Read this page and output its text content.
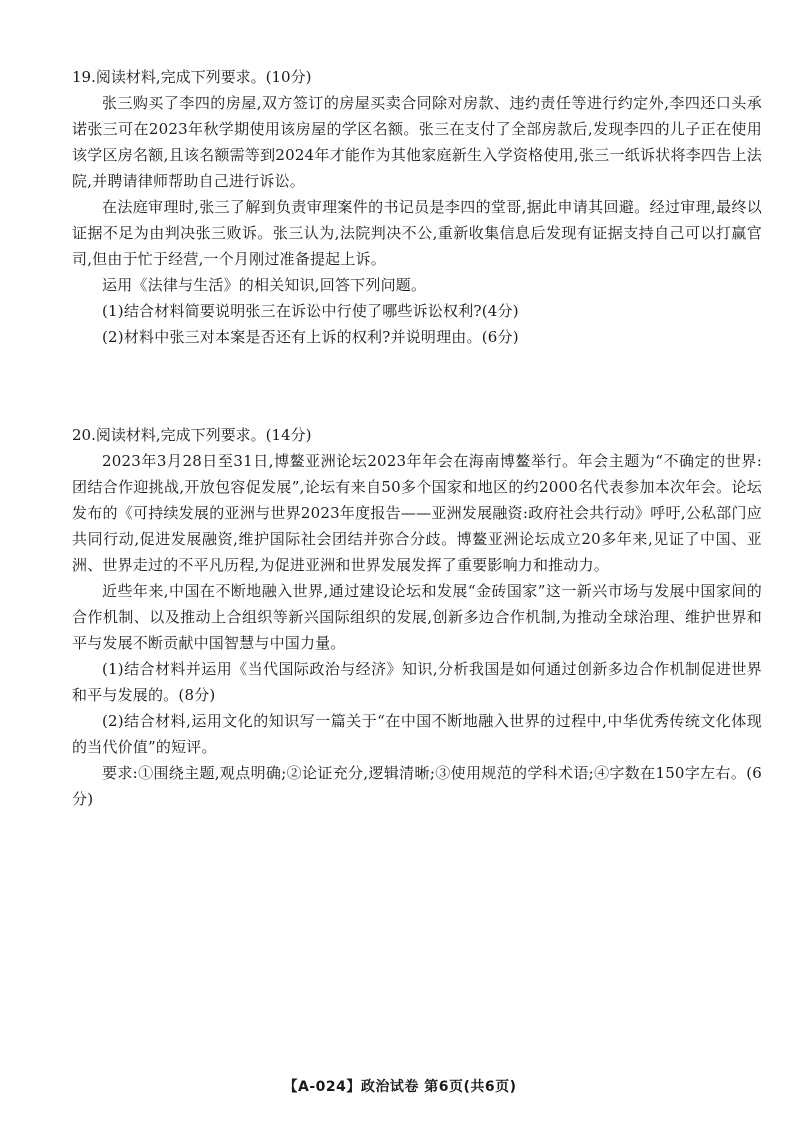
19.阅读材料,完成下列要求。(10分)

张三购买了李四的房屋,双方签订的房屋买卖合同除对房款、违约责任等进行约定外,李四还口头承诺张三可在2023年秋学期使用该房屋的学区名额。张三在支付了全部房款后,发现李四的儿子正在使用该学区房名额,且该名额需等到2024年才能作为其他家庭新生入学资格使用,张三一纸诉状将李四告上法院,并聘请律师帮助自己进行诉讼。

在法庭审理时,张三了解到负责审理案件的书记员是李四的堂哥,据此申请其回避。经过审理,最终以证据不足为由判决张三败诉。张三认为,法院判决不公,重新收集信息后发现有证据支持自己可以打赢官司,但由于忙于经营,一个月刚过准备提起上诉。

运用《法律与生活》的相关知识,回答下列问题。

(1)结合材料简要说明张三在诉讼中行使了哪些诉讼权利?(4分)

(2)材料中张三对本案是否还有上诉的权利?并说明理由。(6分)

20.阅读材料,完成下列要求。(14分)

2023年3月28日至31日,博鳌亚洲论坛2023年年会在海南博鳌举行。年会主题为“不确定的世界:团结合作迎挑战,开放包容促发展”,论坛有来自50多个国家和地区的约2000名代表参加本次年会。论坛发布的《可持续发展的亚洲与世界2023年度报告——亚洲发展融资:政府社会共行动》呼吁,公私部门应共同行动,促进发展融资,维护国际社会团结并弥合分歧。博鳌亚洲论坛成立20多年来,见证了中国、亚洲、世界走过的不平凡历程,为促进亚洲和世界发展发挥了重要影响力和推动力。

近些年来,中国在不断地融入世界,通过建设论坛和发展“金砖国家”这一新兴市场与发展中国家间的合作机制、以及推动上合组织等新兴国际组织的发展,创新多边合作机制,为推动全球治理、维护世界和平与发展不断贡献中国智慧与中国力量。

(1)结合材料并运用《当代国际政治与经济》知识,分析我国是如何通过创新多边合作机制促进世界和平与发展的。(8分)

(2)结合材料,运用文化的知识写一篇关于“在中国不断地融入世界的过程中,中华优秀传统文化体现的当代价值”的短评。

要求:①围绕主题,观点明确;②论证充分,逻辑清晰;③使用规范的学科术语;④字数在150字左右。(6分)

【A-024】政治试卷 第6页(共6页)
